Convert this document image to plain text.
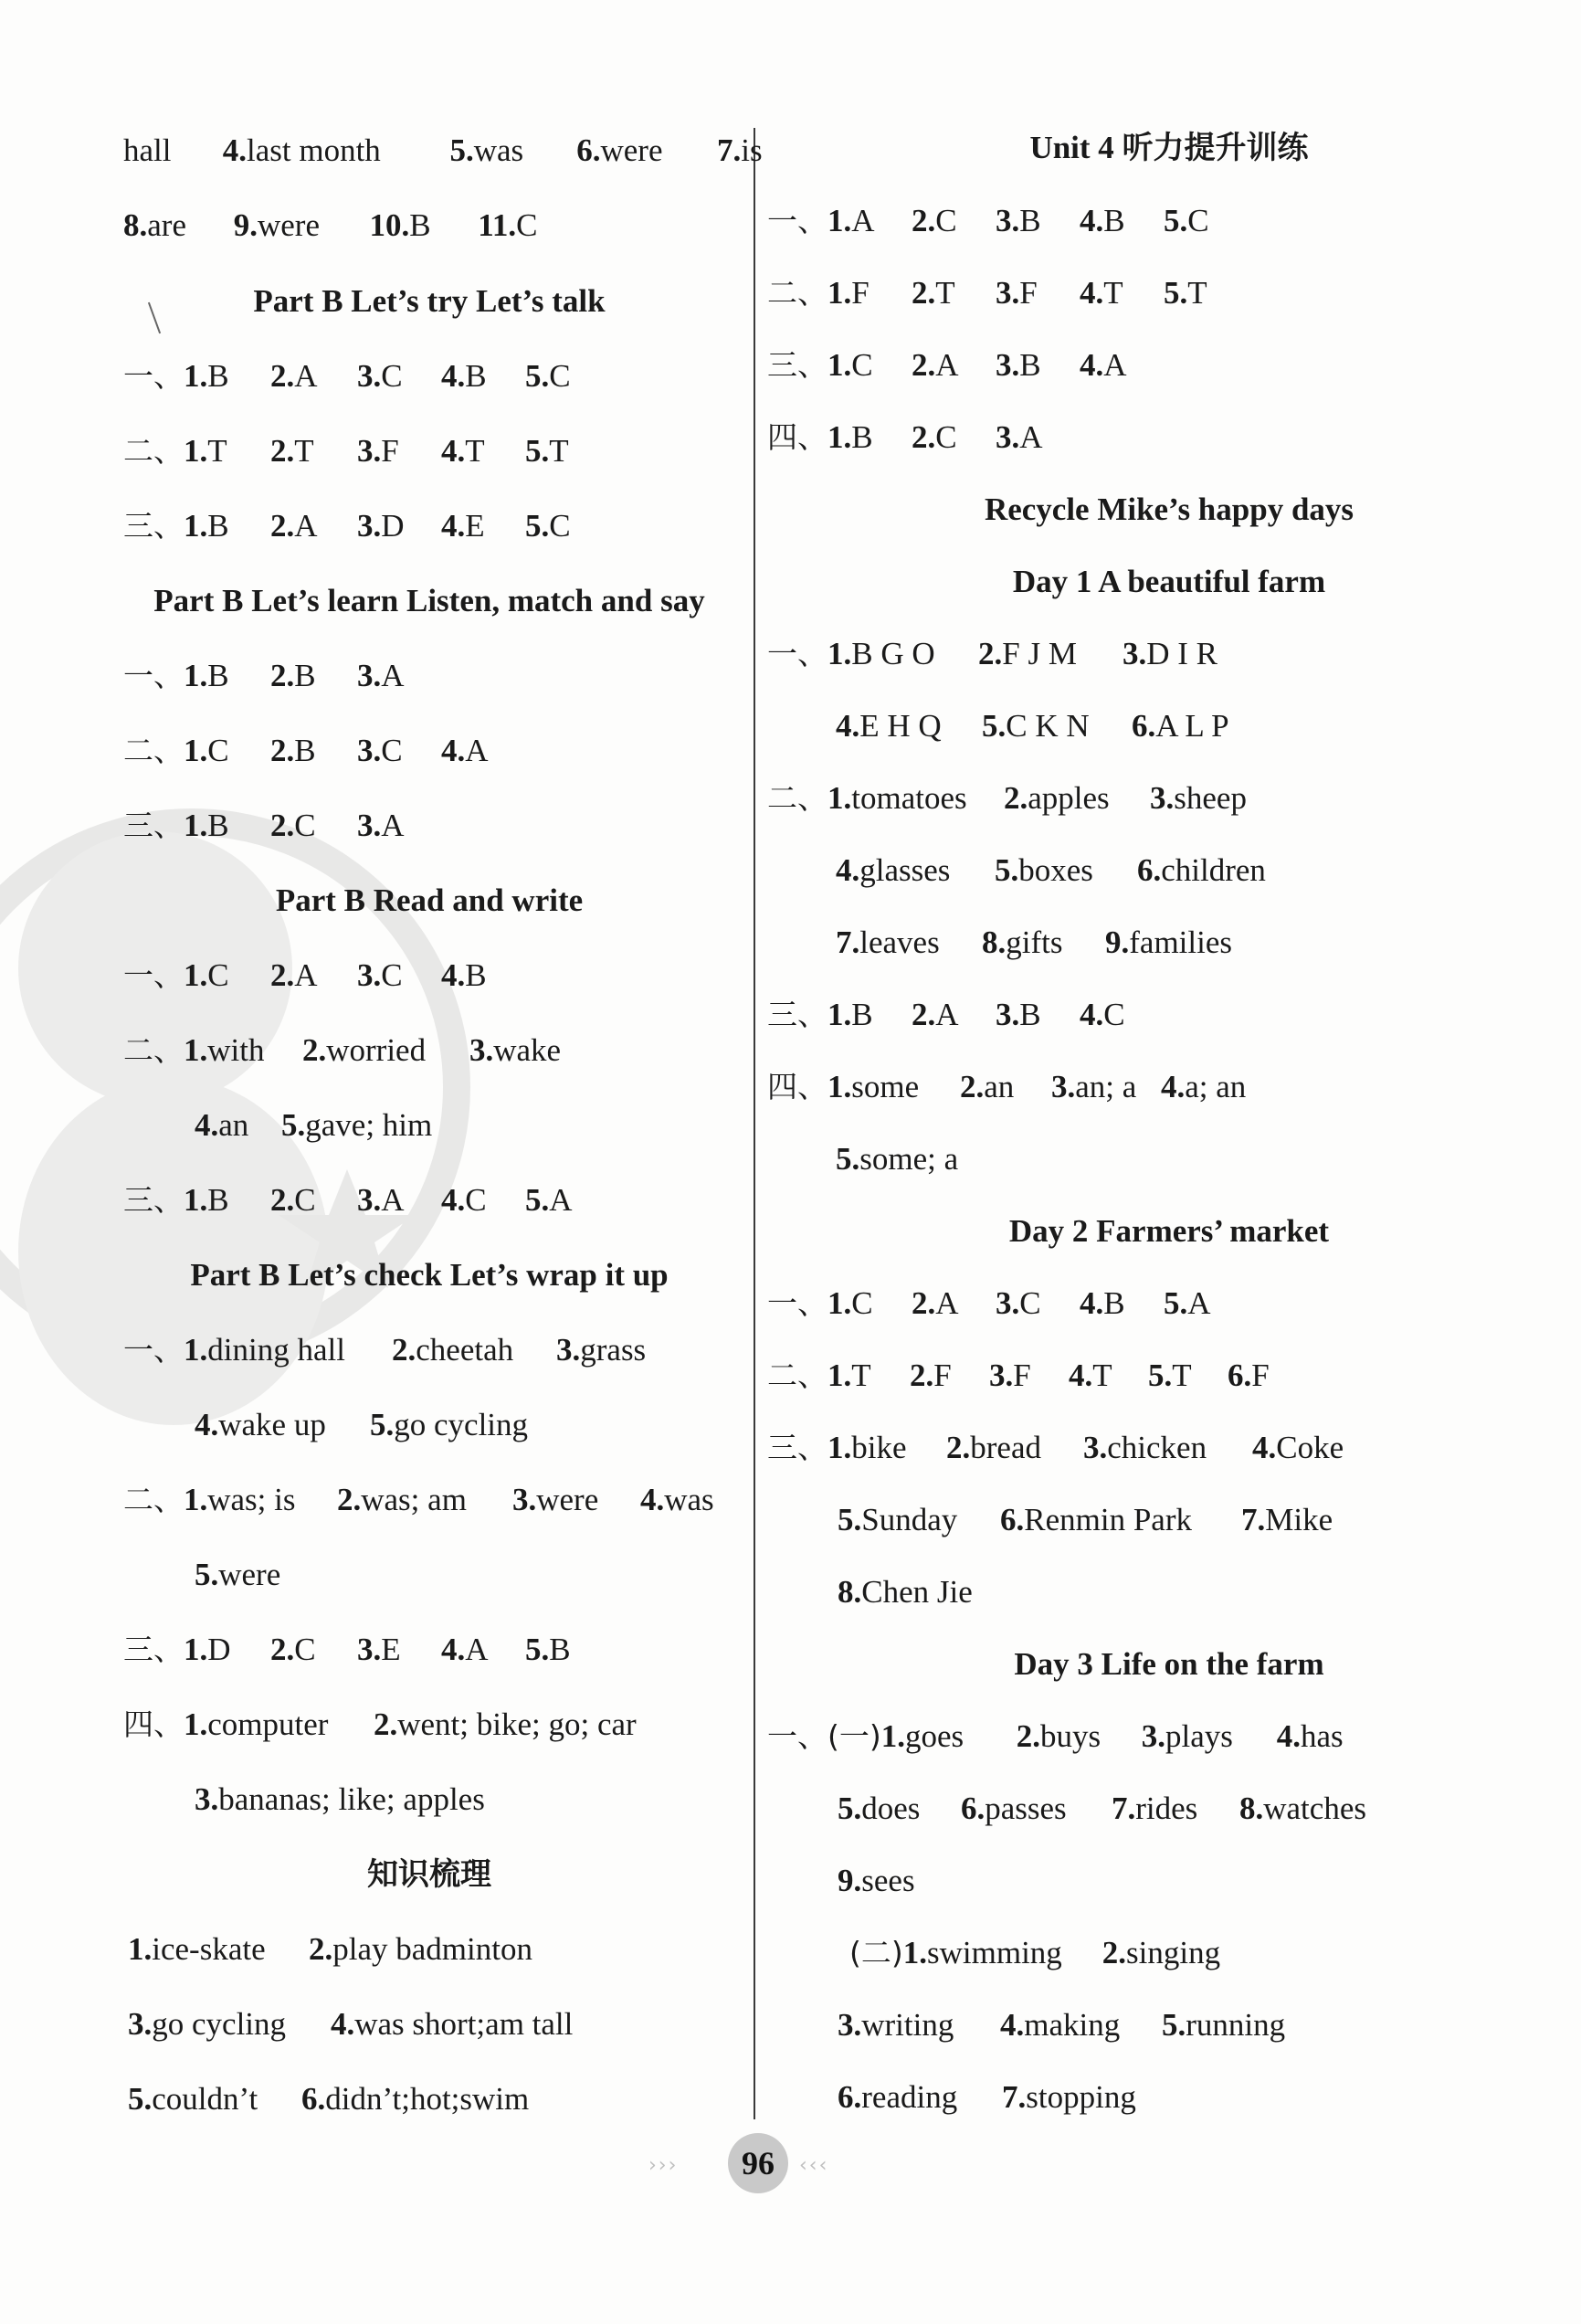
hall 4.last month 5.was 6.were 7.is
8.are 9.were 10.B 11.C
Part B Let’s try Let’s talk
一、1.B 2.A 3.C 4.B 5.C
二、1.T 2.T 3.F 4.T 5.T
三、1.B 2.A 3.D 4.E 5.C
Part B Let’s learn Listen, match and say
一、1.B 2.B 3.A
二、1.C 2.B 3.C 4.A
三、1.B 2.C 3.A
Part B Read and write
一、1.C 2.A 3.C 4.B
二、1.with 2.worried 3.wake
4.an 5.gave; him
三、1.B 2.C 3.A 4.C 5.A
Part B Let’s check Let’s wrap it up
一、1.dining hall 2.cheetah 3.grass
4.wake up 5.go cycling
二、1.was; is 2.was; am 3.were 4.was
5.were
三、1.D 2.C 3.E 4.A 5.B
四、1.computer 2.went; bike; go; car
3.bananas; like; apples
知识梳理
1.ice-skate 2.play badminton
3.go cycling 4.was short;am tall
5.couldn’t 6.didn’t;hot;swim
Unit 4 听力提升训练
一、1.A 2.C 3.B 4.B 5.C
二、1.F 2.T 3.F 4.T 5.T
三、1.C 2.A 3.B 4.A
四、1.B 2.C 3.A
Recycle Mike’s happy days
Day 1 A beautiful farm
一、1.B G O 2.F J M 3.D I R
4.E H Q 5.C K N 6.A L P
二、1.tomatoes 2.apples 3.sheep
4.glasses 5.boxes 6.children
7.leaves 8.gifts 9.families
三、1.B 2.A 3.B 4.C
四、1.some 2.an 3.an; a 4.a; an
5.some; a
Day 2 Farmers’ market
一、1.C 2.A 3.C 4.B 5.A
二、1.T 2.F 3.F 4.T 5.T 6.F
三、1.bike 2.bread 3.chicken 4.Coke
5.Sunday 6.Renmin Park 7.Mike
8.Chen Jie
Day 3 Life on the farm
一、(一)1.goes 2.buys 3.plays 4.has
5.does 6.passes 7.rides 8.watches
9.sees
(二)1.swimming 2.singing
3.writing 4.making 5.running
6.reading 7.stopping
›››	96	‹‹‹
